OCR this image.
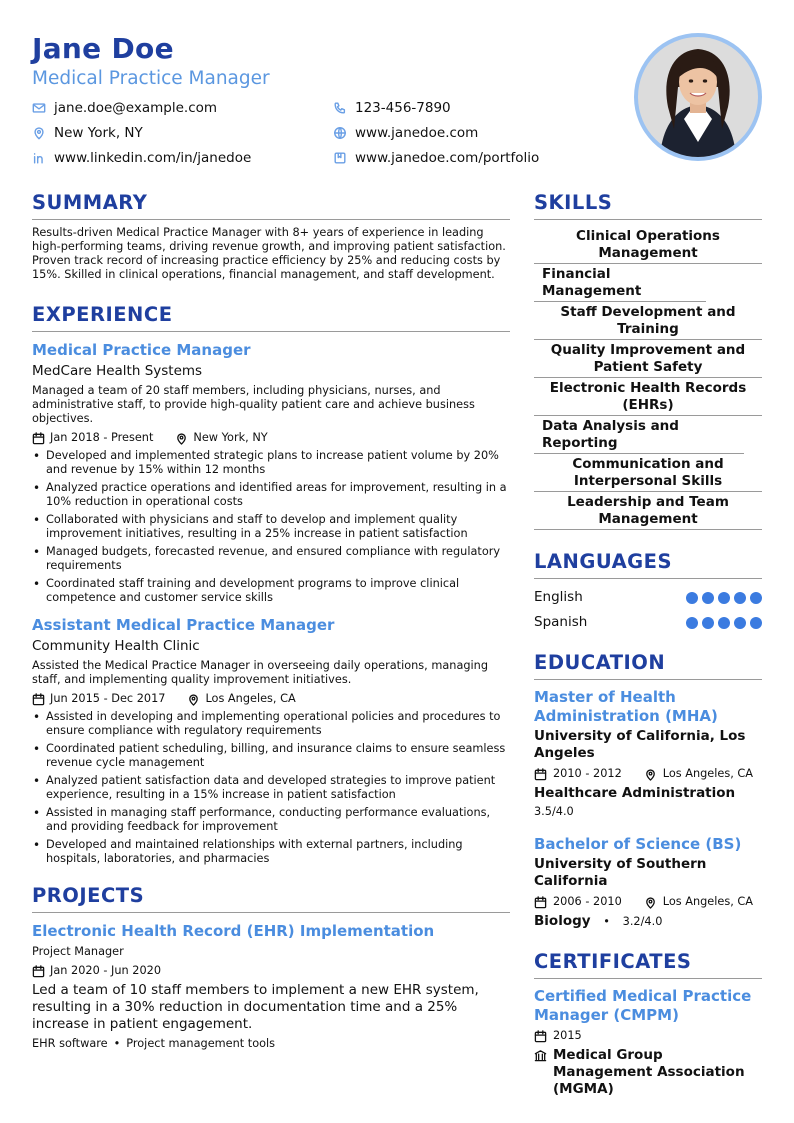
Jane Doe
Medical Practice Manager
jane.doe@example.com	123-456-7890
New York, NY	www.janedoe.com
www.linkedin.com/in/janedoe	www.janedoe.com/portfolio
SUMMARY

Results-driven Medical Practice Manager with 8+ years of experience in leading high-performing teams, driving revenue growth, and improving patient satisfaction. Proven track record of increasing practice efficiency by 25% and reducing costs by 15%. Skilled in clinical operations, financial management, and staff development.

EXPERIENCE
Medical Practice Manager
MedCare Health Systems
Managed a team of 20 staff members, including physicians, nurses, and administrative staff, to provide high-quality patient care and achieve business objectives.
Jan 2018 - Present	New York, NY
• Developed and implemented strategic plans to increase patient volume by 20% and revenue by 15% within 12 months
• Analyzed practice operations and identified areas for improvement, resulting in a 10% reduction in operational costs
• Collaborated with physicians and staff to develop and implement quality improvement initiatives, resulting in a 25% increase in patient satisfaction
• Managed budgets, forecasted revenue, and ensured compliance with regulatory requirements
• Coordinated staff training and development programs to improve clinical competence and customer service skills
Assistant Medical Practice Manager
Community Health Clinic
Assisted the Medical Practice Manager in overseeing daily operations, managing staff, and implementing quality improvement initiatives.
Jun 2015 - Dec 2017	Los Angeles, CA
• Assisted in developing and implementing operational policies and procedures to ensure compliance with regulatory requirements
• Coordinated patient scheduling, billing, and insurance claims to ensure seamless revenue cycle management
• Analyzed patient satisfaction data and developed strategies to improve patient experience, resulting in a 15% increase in patient satisfaction
• Assisted in managing staff performance, conducting performance evaluations, and providing feedback for improvement
• Developed and maintained relationships with external partners, including hospitals, laboratories, and pharmacies
PROJECTS
Electronic Health Record (EHR) Implementation
Project Manager
Jan 2020 - Jun 2020
Led a team of 10 staff members to implement a new EHR system, resulting in a 30% reduction in documentation time and a 25% increase in patient engagement.
EHR software • Project management tools
SKILLS
Clinical Operations Management
Financial Management
Staff Development and Training
Quality Improvement and Patient Safety
Electronic Health Records (EHRs)
Data Analysis and Reporting
Communication and Interpersonal Skills
Leadership and Team Management
LANGUAGES
English
Spanish
EDUCATION
Master of Health Administration (MHA)
University of California, Los Angeles
2010 - 2012	Los Angeles, CA
Healthcare Administration
3.5/4.0
Bachelor of Science (BS)
University of Southern California
2006 - 2010	Los Angeles, CA
Biology • 3.2/4.0
CERTIFICATES
Certified Medical Practice Manager (CMPM)
2015
Medical Group Management Association (MGMA)
